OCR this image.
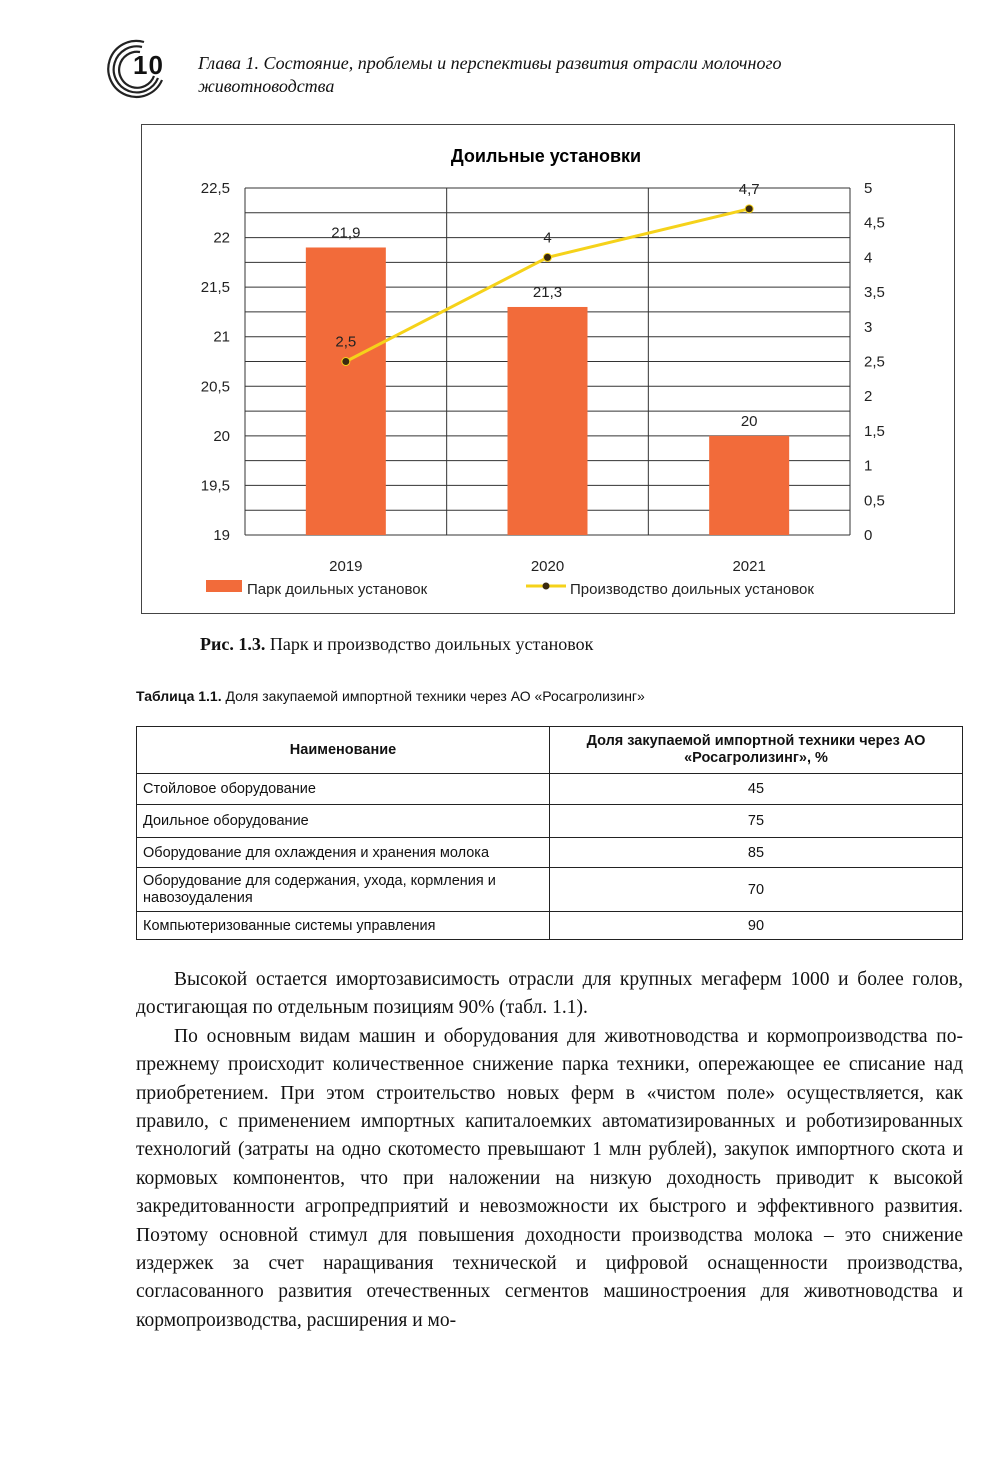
10 Глава 1. Состояние, проблемы и перспективы развития отрасли молочного животноводства
Доильные установки
19
19,5
20
20,5
21
21,5
22
22,5
0
0,5
1
1,5
2
2,5
3
3,5
4
4,5
5
2019	2020	2021
21,9
21,3
20
2,5
4
4,7
Парк доильных установок	Производство доильных установок
Рис. 1.3. Парк и производство доильных установок
Таблица 1.1. Доля закупаемой импортной техники через АО «Росагролизинг»
Наименование	Доля закупаемой импортной техники через АО «Росагролизинг», %
Стойловое оборудование	45
Доильное оборудование	75
Оборудование для охлаждения и хранения молока	85
Оборудование для содержания, ухода, кормления и навозоудаления	70
Компьютеризованные системы управления	90

Высокой остается имортозависимость отрасли для крупных мегаферм 1000 и более голов, достигающая по отдельным позициям 90% (табл. 1.1).

По основным видам машин и оборудования для животноводства и кормопроизводства по-прежнему происходит количественное снижение парка техники, опережающее ее списание над приобретением. При этом строительство новых ферм в «чистом поле» осуществляется, как правило, с применением импортных капиталоемких автоматизированных и роботизированных технологий (затраты на одно скотоместо превышают 1 млн рублей), закупок импортного скота и кормовых компонентов, что при наложении на низкую доходность приводит к высокой закредитованности агропредприятий и невозможности их быстрого и эффективного развития. Поэтому основной стимул для повышения доходности производства молока – это снижение издержек за счет наращивания технической и цифровой оснащенности производства, согласованного развития отечественных сегментов машиностроения для животноводства и кормопроизводства, расширения и мо-
